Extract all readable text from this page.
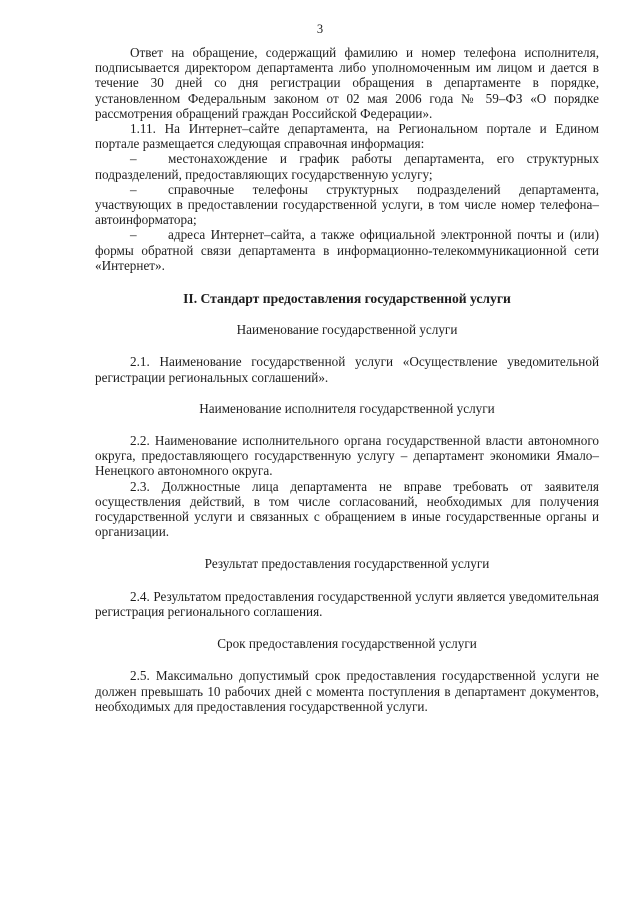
3

Ответ на обращение, содержащий фамилию и номер телефона исполнителя, подписывается директором департамента либо уполномоченным им лицом и дается в течение 30 дней со дня регистрации обращения в департаменте в порядке, установленном Федеральным законом от 02 мая 2006 года № 59–ФЗ «О порядке рассмотрения обращений граждан Российской Федерации».

1.11. На Интернет–сайте департамента, на Региональном портале и Едином портале размещается следующая справочная информация:

– местонахождение и график работы департамента, его структурных подразделений, предоставляющих государственную услугу;

– справочные телефоны структурных подразделений департамента, участвующих в предоставлении государственной услуги, в том числе номер телефона–автоинформатора;

– адреса Интернет–сайта, а также официальной электронной почты и (или) формы обратной связи департамента в информационно-телекоммуникационной сети «Интернет».

II. Стандарт предоставления государственной услуги

Наименование государственной услуги

2.1. Наименование государственной услуги «Осуществление уведомительной регистрации региональных соглашений».

Наименование исполнителя государственной услуги

2.2. Наименование исполнительного органа государственной власти автономного округа, предоставляющего государственную услугу – департамент экономики Ямало–Ненецкого автономного округа.

2.3. Должностные лица департамента не вправе требовать от заявителя осуществления действий, в том числе согласований, необходимых для получения государственной услуги и связанных с обращением в иные государственные органы и организации.

Результат предоставления государственной услуги

2.4. Результатом предоставления государственной услуги является уведомительная регистрация регионального соглашения.

Срок предоставления государственной услуги

2.5. Максимально допустимый срок предоставления государственной услуги не должен превышать 10 рабочих дней с момента поступления в департамент документов, необходимых для предоставления государственной услуги.
